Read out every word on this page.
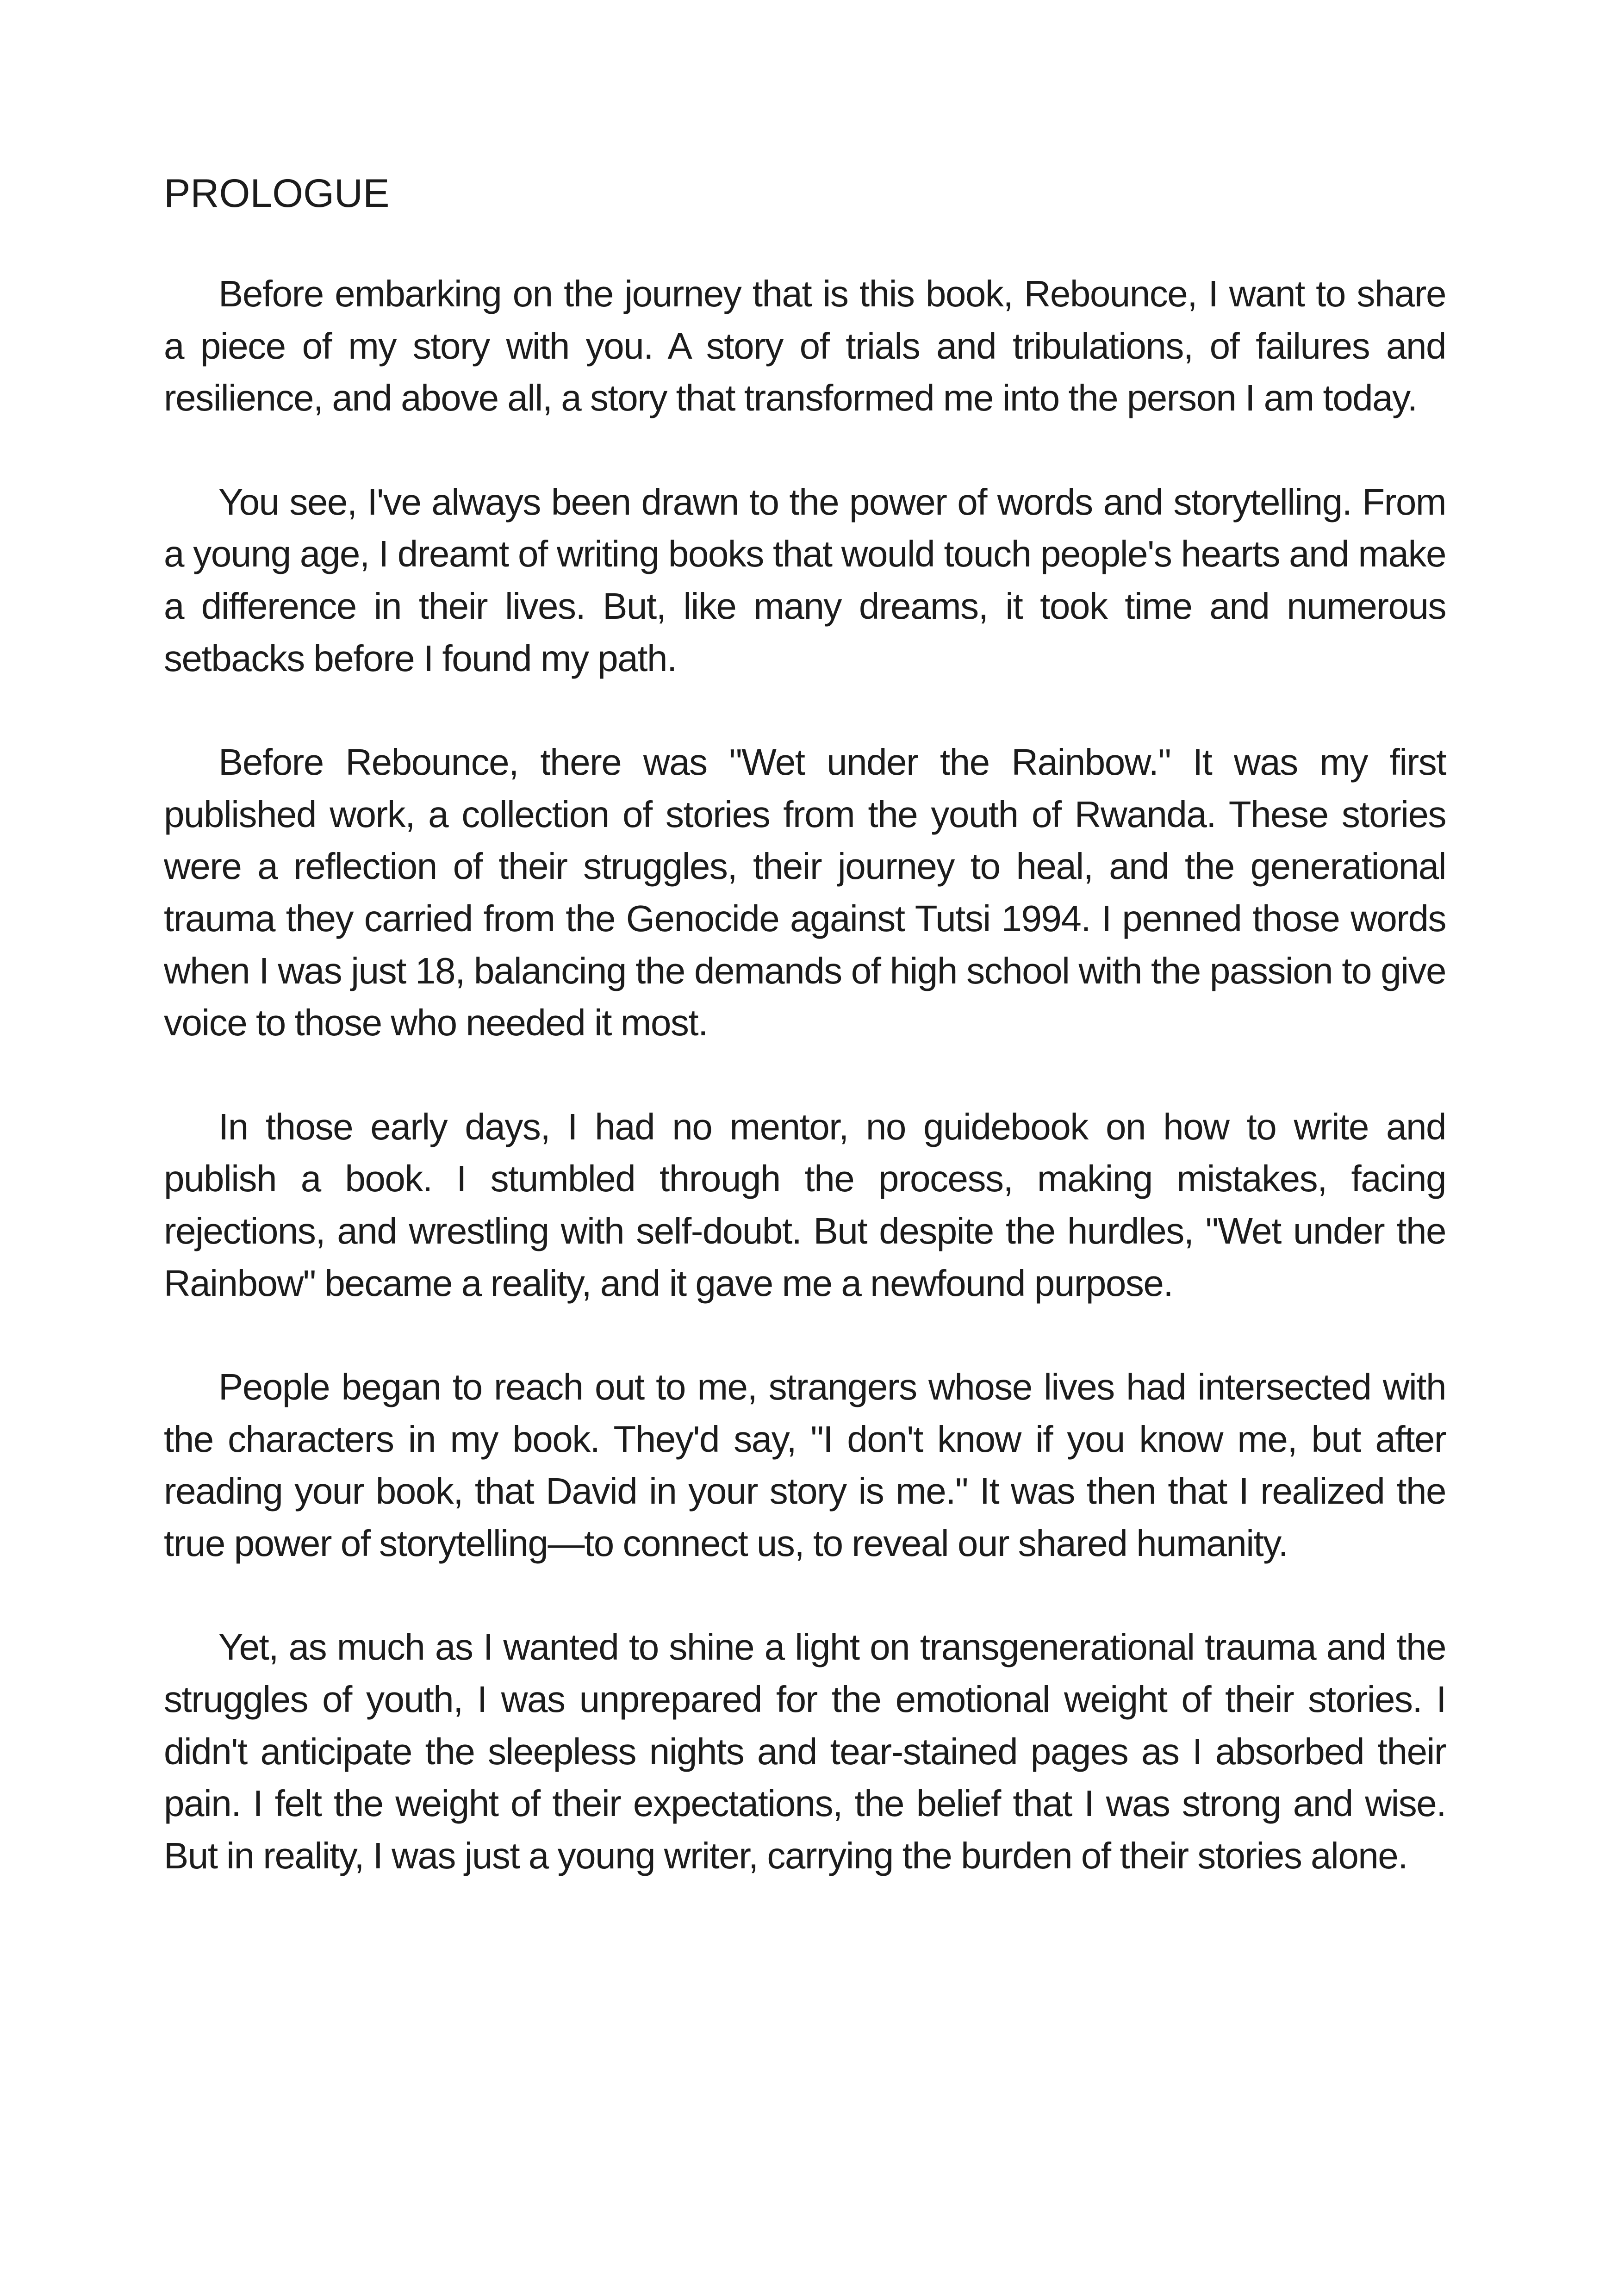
PROLOGUE

Before embarking on the journey that is this book, Rebounce, I want to share a piece of my story with you. A story of trials and tribulations, of failures and resilience, and above all, a story that transformed me into the person I am today.

You see, I've always been drawn to the power of words and storytelling. From a young age, I dreamt of writing books that would touch people's hearts and make a difference in their lives. But, like many dreams, it took time and numerous setbacks before I found my path.

Before Rebounce, there was "Wet under the Rainbow." It was my first published work, a collection of stories from the youth of Rwanda. These stories were a reflection of their struggles, their journey to heal, and the generational trauma they carried from the Genocide against Tutsi 1994. I penned those words when I was just 18, balancing the demands of high school with the passion to give voice to those who needed it most.

In those early days, I had no mentor, no guidebook on how to write and publish a book. I stumbled through the process, making mistakes, facing rejections, and wrestling with self-doubt. But despite the hurdles, "Wet under the Rainbow" became a reality, and it gave me a newfound purpose.

People began to reach out to me, strangers whose lives had intersected with the characters in my book. They'd say, "I don't know if you know me, but after reading your book, that David in your story is me." It was then that I realized the true power of storytelling—to connect us, to reveal our shared humanity.

Yet, as much as I wanted to shine a light on transgenerational trauma and the struggles of youth, I was unprepared for the emotional weight of their stories. I didn't anticipate the sleepless nights and tear-stained pages as I absorbed their pain. I felt the weight of their expectations, the belief that I was strong and wise. But in reality, I was just a young writer, carrying the burden of their stories alone.
